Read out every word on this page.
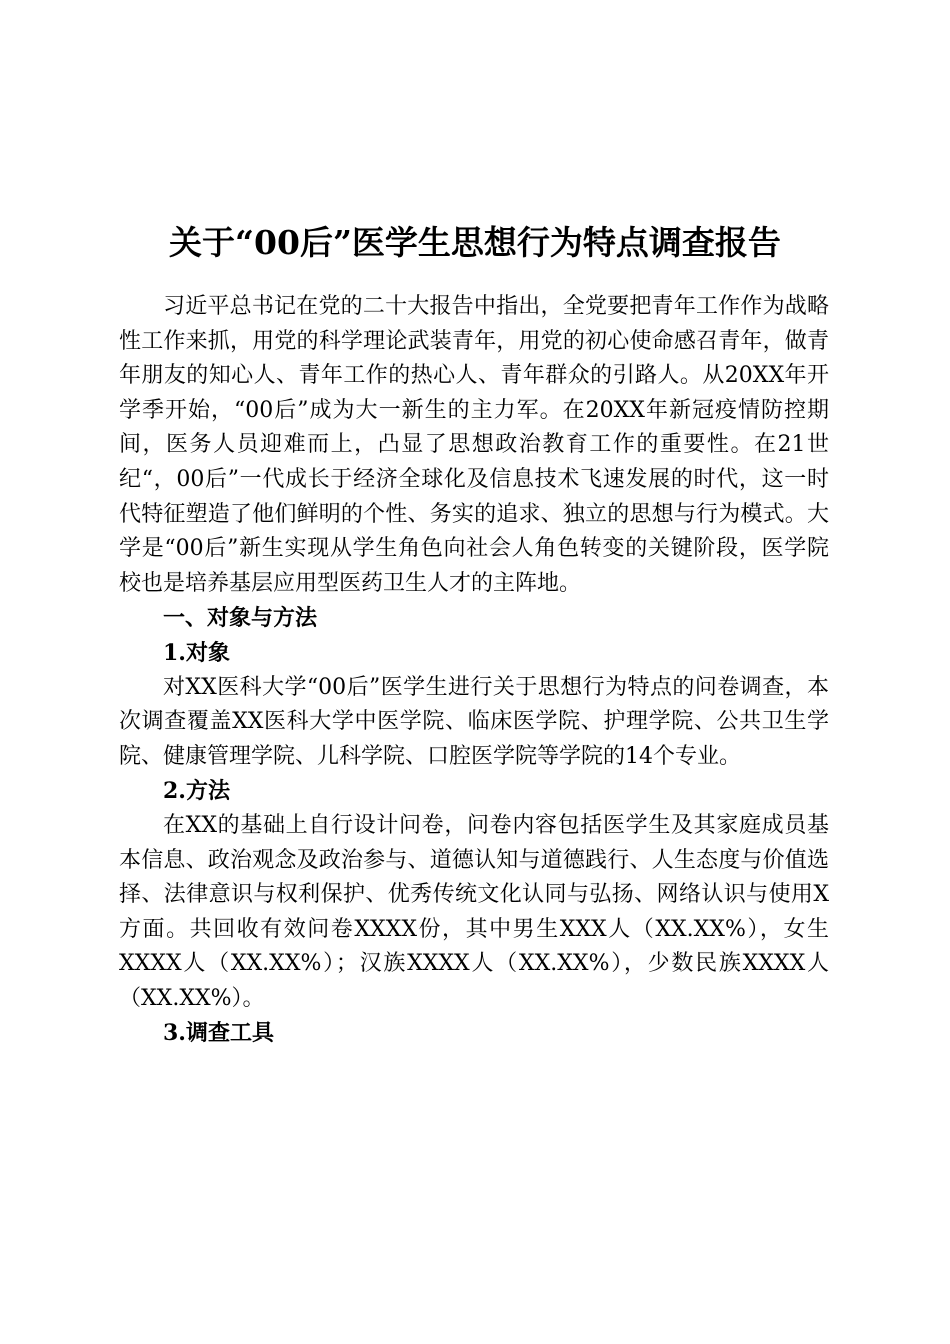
关于“00后”医学生思想行为特点调查报告

习近平总书记在党的二十大报告中指出，全党要把青年工作作为战略性工作来抓，用党的科学理论武装青年，用党的初心使命感召青年，做青年朋友的知心人、青年工作的热心人、青年群众的引路人。从20XX年开学季开始，“00后”成为大一新生的主力军。在20XX年新冠疫情防控期间，医务人员迎难而上，凸显了思想政治教育工作的重要性。在21世纪“，00后”一代成长于经济全球化及信息技术飞速发展的时代，这一时代特征塑造了他们鲜明的个性、务实的追求、独立的思想与行为模式。大学是“00后”新生实现从学生角色向社会人角色转变的关键阶段，医学院校也是培养基层应用型医药卫生人才的主阵地。

一、对象与方法
1.对象

对XX医科大学“00后”医学生进行关于思想行为特点的问卷调查，本次调查覆盖XX医科大学中医学院、临床医学院、护理学院、公共卫生学院、健康管理学院、儿科学院、口腔医学院等学院的14个专业。

2.方法

在XX的基础上自行设计问卷，问卷内容包括医学生及其家庭成员基本信息、政治观念及政治参与、道德认知与道德践行、人生态度与价值选择、法律意识与权利保护、优秀传统文化认同与弘扬、网络认识与使用X方面。共回收有效问卷XXXX份，其中男生XXX人（XX.XX%），女生XXXX人（XX.XX%）；汉族XXXX人（XX.XX%），少数民族XXXX人（XX.XX%）。

3.调查工具
